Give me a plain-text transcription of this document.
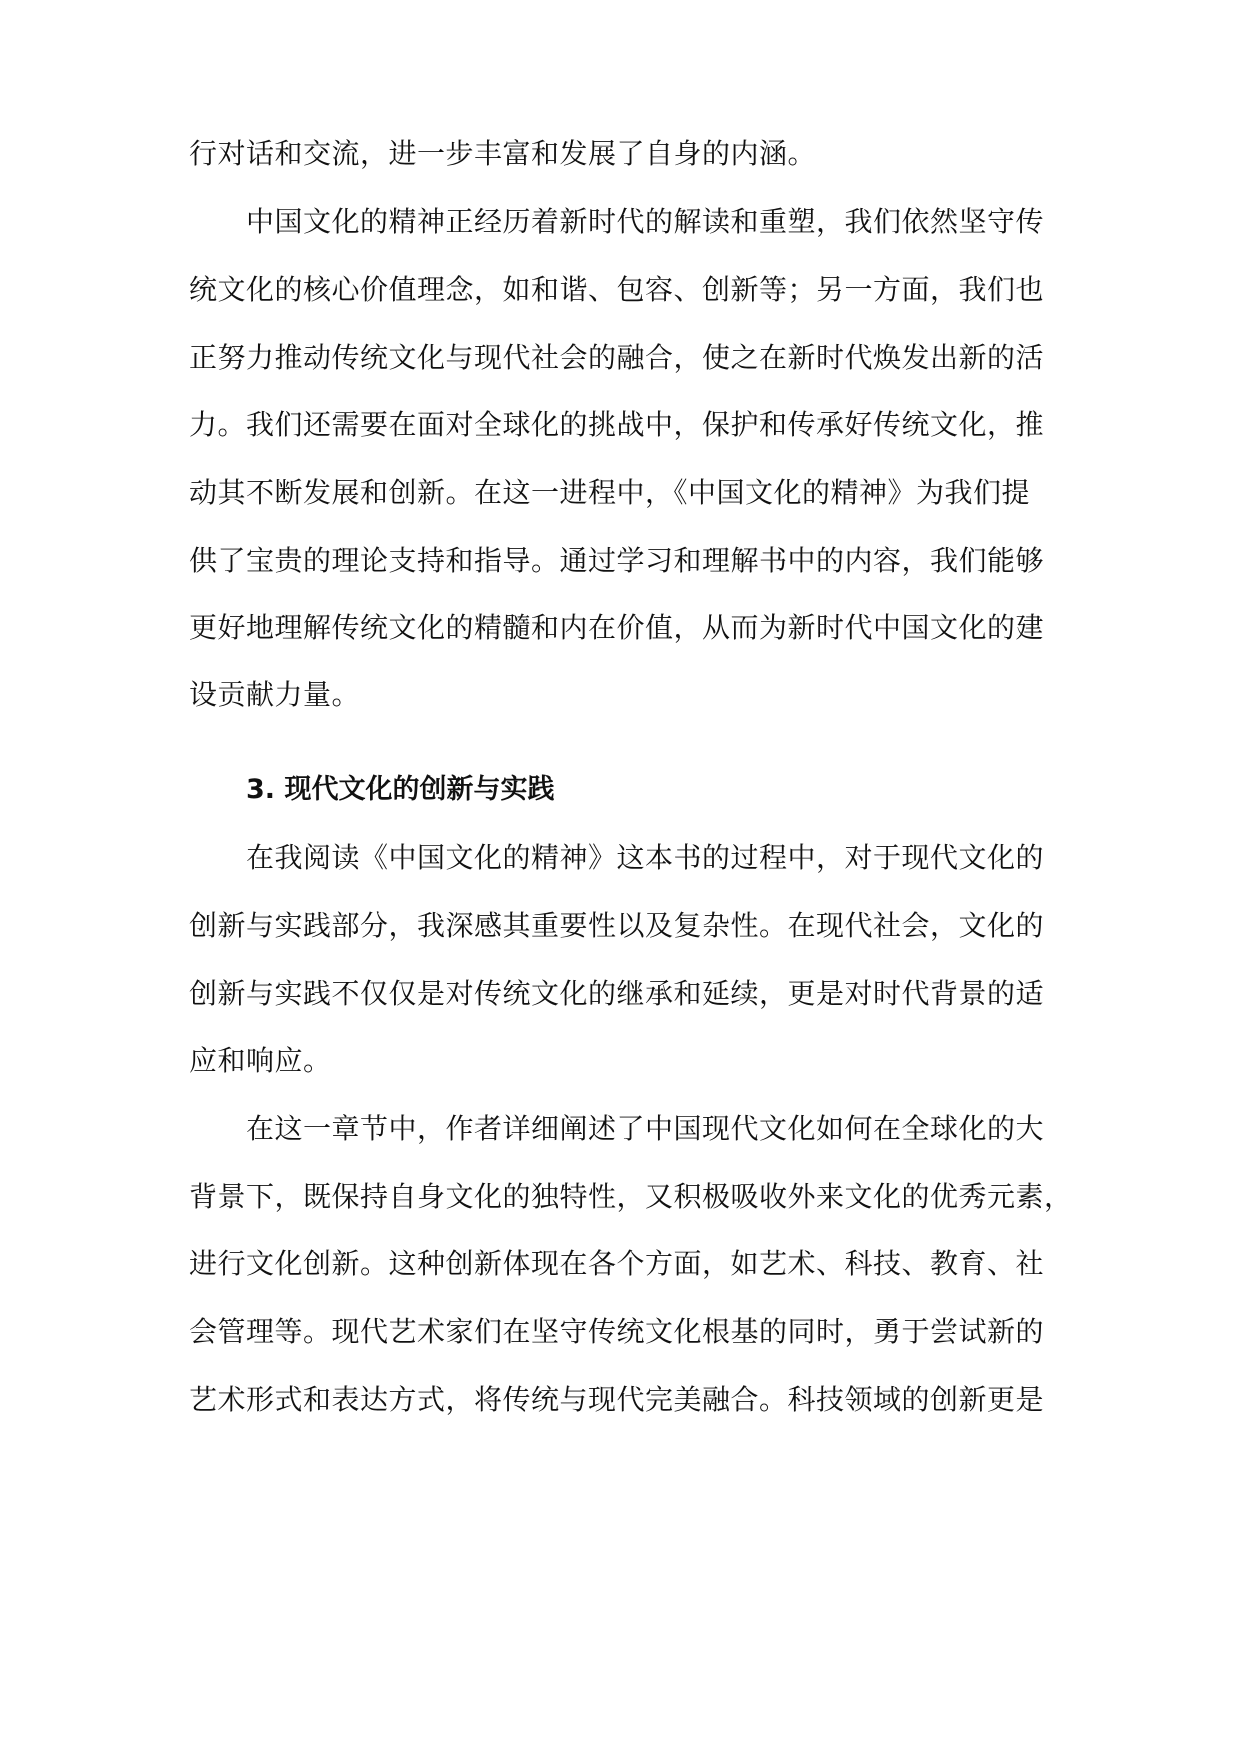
行对话和交流，进一步丰富和发展了自身的内涵。
中国文化的精神正经历着新时代的解读和重塑，我们依然坚守传
统文化的核心价值理念，如和谐、包容、创新等；另一方面，我们也
正努力推动传统文化与现代社会的融合，使之在新时代焕发出新的活
力。我们还需要在面对全球化的挑战中，保护和传承好传统文化，推
动其不断发展和创新。在这一进程中，《中国文化的精神》为我们提
供了宝贵的理论支持和指导。通过学习和理解书中的内容，我们能够
更好地理解传统文化的精髓和内在价值，从而为新时代中国文化的建
设贡献力量。
3. 现代文化的创新与实践
在我阅读《中国文化的精神》这本书的过程中，对于现代文化的
创新与实践部分，我深感其重要性以及复杂性。在现代社会，文化的
创新与实践不仅仅是对传统文化的继承和延续，更是对时代背景的适
应和响应。
在这一章节中，作者详细阐述了中国现代文化如何在全球化的大
背景下，既保持自身文化的独特性，又积极吸收外来文化的优秀元素，
进行文化创新。这种创新体现在各个方面，如艺术、科技、教育、社
会管理等。现代艺术家们在坚守传统文化根基的同时，勇于尝试新的
艺术形式和表达方式，将传统与现代完美融合。科技领域的创新更是
